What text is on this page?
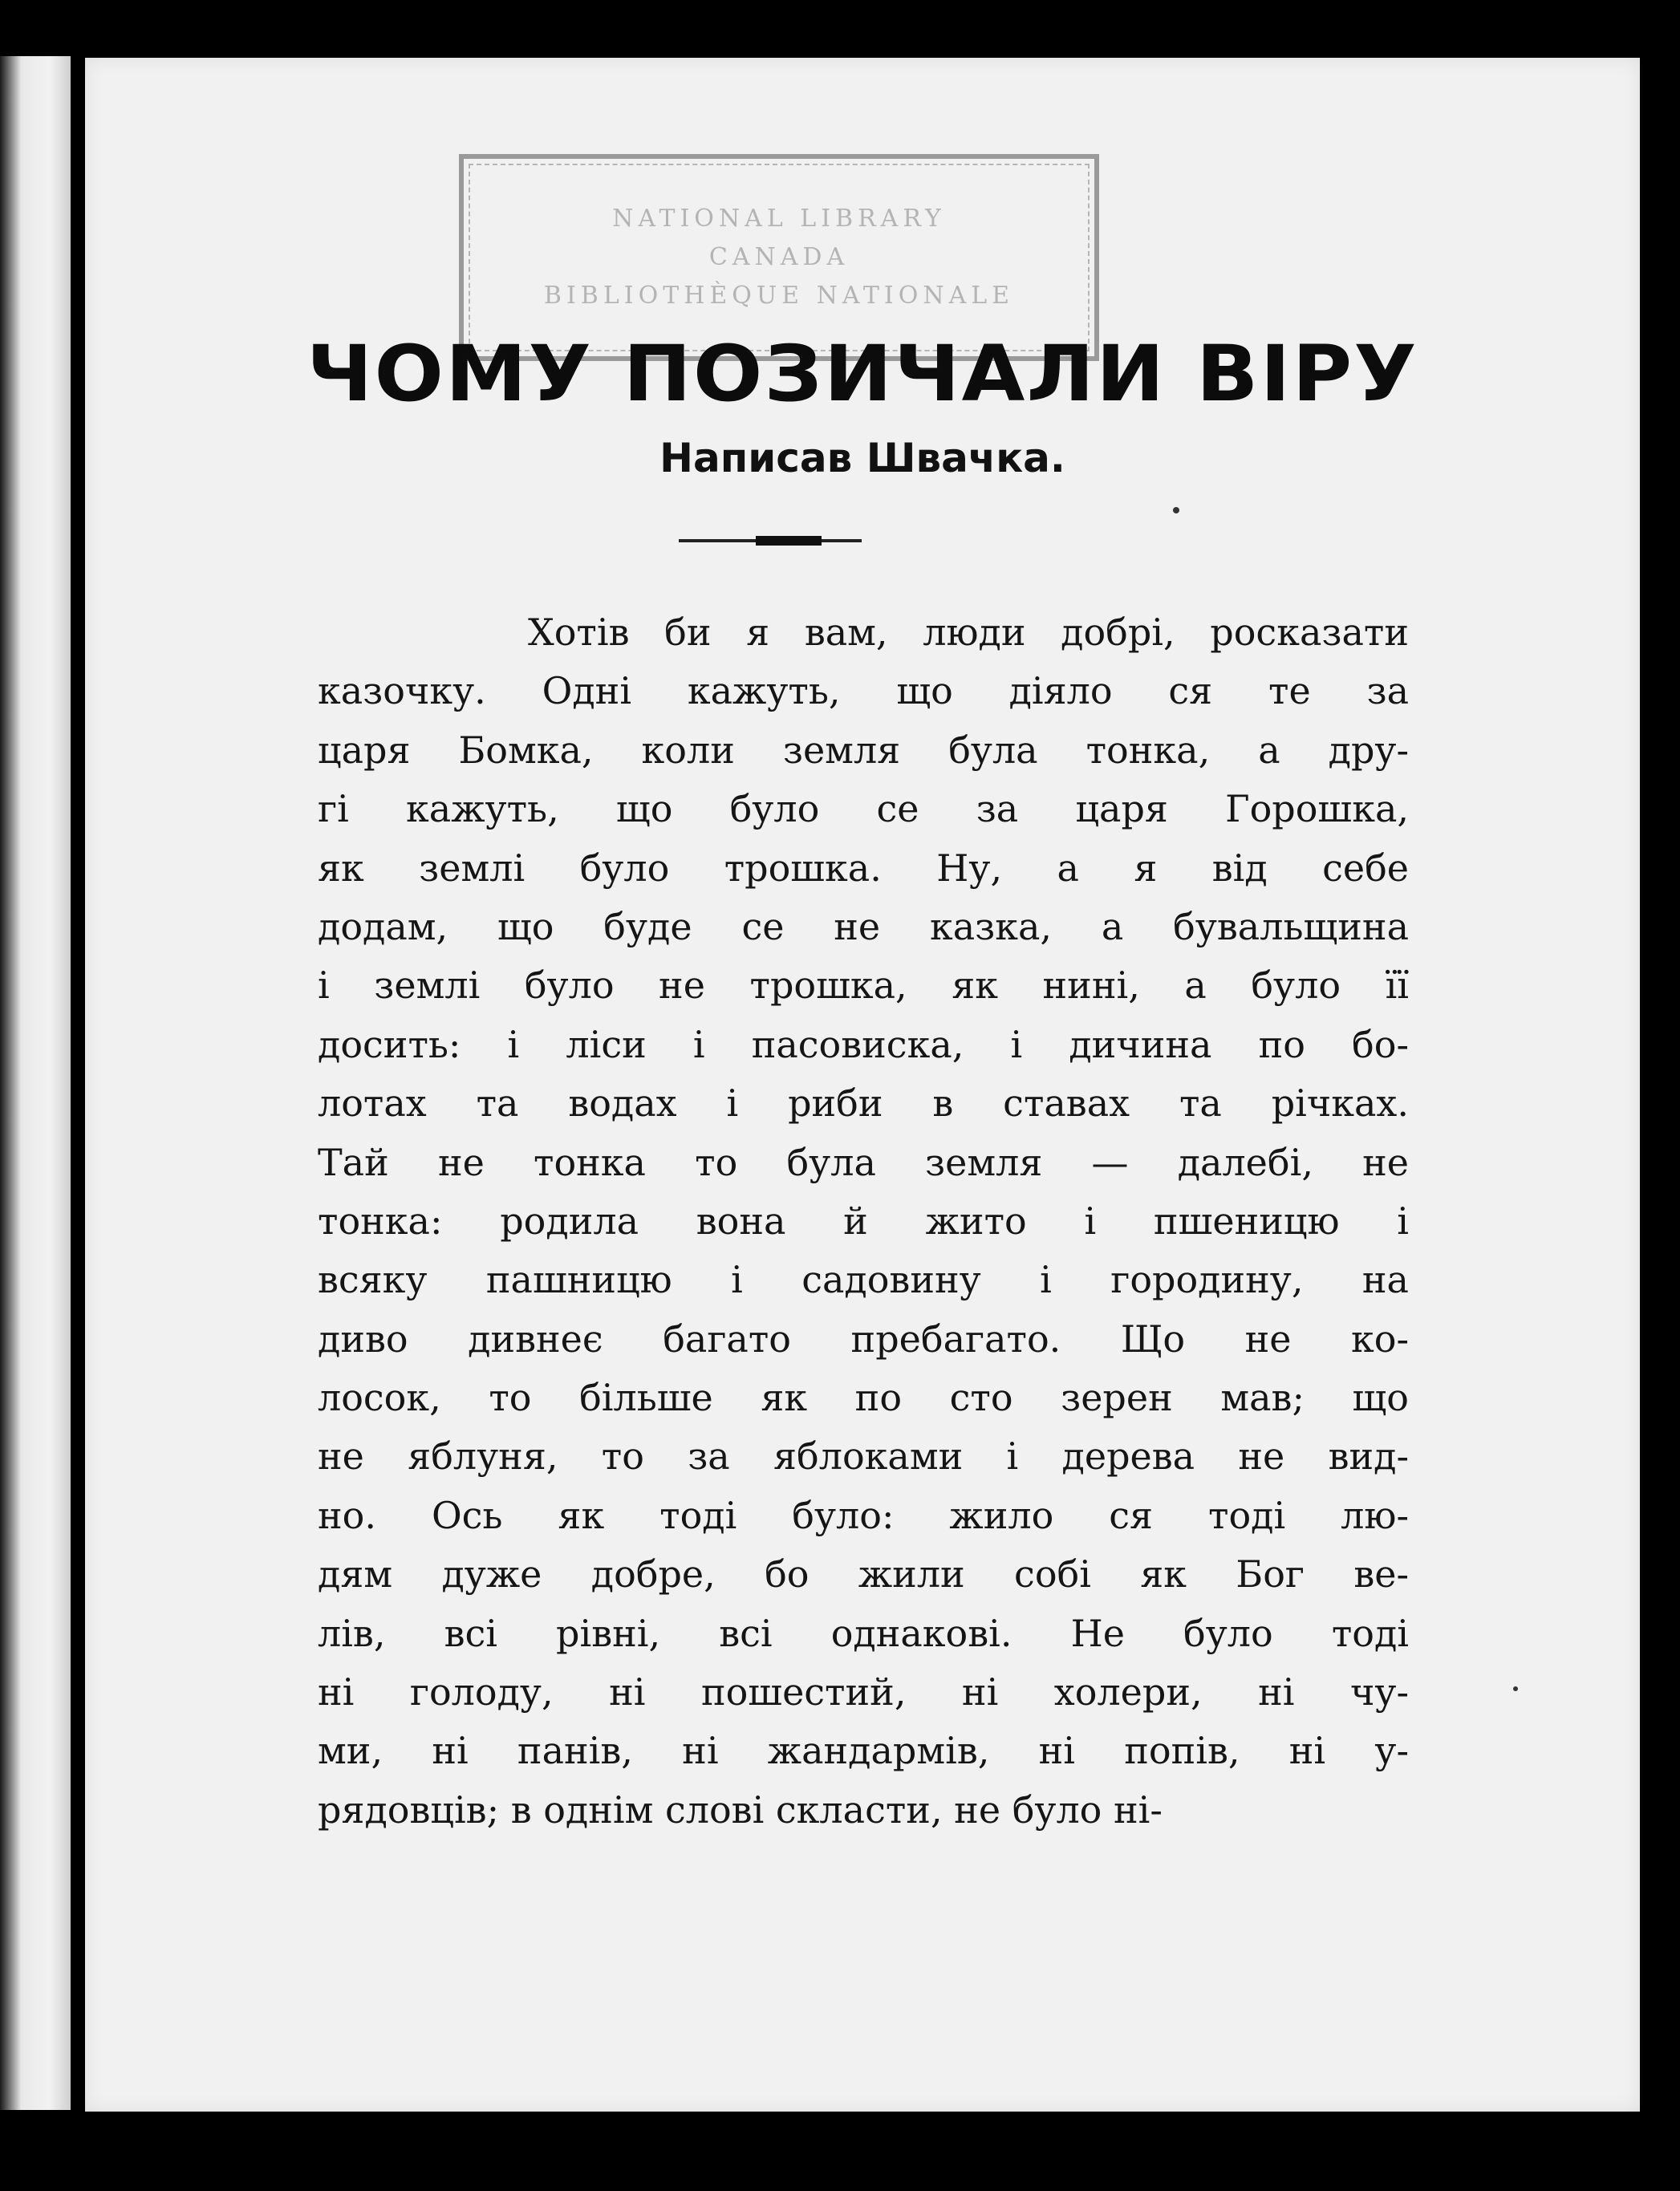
NATIONAL LIBRARY
CANADA
BIBLIOTHÈQUE NATIONALE
ЧОМУ ПОЗИЧАЛИ ВІРУ
Написав Швачка.
Хотів би я вам, люди добрі, росказати
казочку. Одні кажуть, що діяло ся те за
царя Бомка, коли земля була тонка, а дру-
гі кажуть, що було се за царя Горошка,
як землі було трошка. Ну, а я від себе
додам, що буде се не казка, а бувальщина
і землі було не трошка, як нині, а було її
досить: і ліси і пасовиска, і дичина по бо-
лотах та водах і риби в ставах та річках.
Тай не тонка то була земля — далебі, не
тонка: родила вона й жито і пшеницю і
всяку пашницю і садовину і городину, на
диво дивнеє багато пребагато. Що не ко-
лосок, то більше як по сто зерен мав; що
не яблуня, то за яблоками і дерева не вид-
но. Ось як тоді було: жило ся тоді лю-
дям дуже добре, бо жили собі як Бог ве-
лів, всі рівні, всі однакові. Не було тоді
ні голоду, ні пошестий, ні холери, ні чу-
ми, ні панів, ні жандармів, ні попів, ні у-
рядовців; в однім слові скласти, не було ні-
